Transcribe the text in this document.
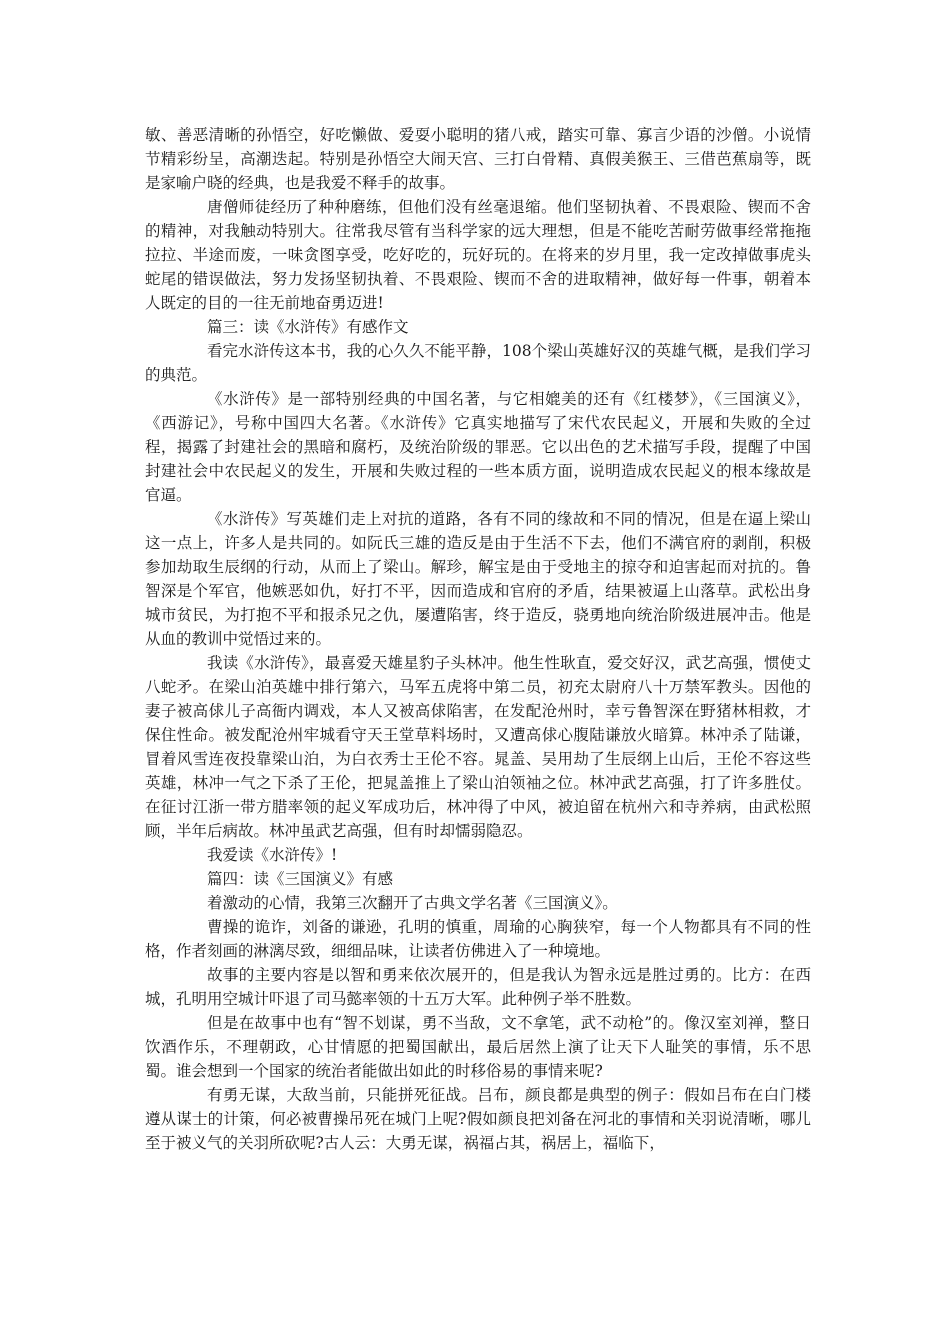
敏、善恶清晰的孙悟空，好吃懒做、爱耍小聪明的猪八戒，踏实可靠、寡言少语的沙僧。小说情节精彩纷呈，高潮迭起。特别是孙悟空大闹天宫、三打白骨精、真假美猴王、三借芭蕉扇等，既是家喻户晓的经典，也是我爱不释手的故事。

唐僧师徒经历了种种磨练，但他们没有丝毫退缩。他们坚韧执着、不畏艰险、锲而不舍的精神，对我触动特别大。往常我尽管有当科学家的远大理想，但是不能吃苦耐劳做事经常拖拖拉拉、半途而废，一味贪图享受，吃好吃的，玩好玩的。在将来的岁月里，我一定改掉做事虎头蛇尾的错误做法，努力发扬坚韧执着、不畏艰险、锲而不舍的进取精神，做好每一件事，朝着本人既定的目的一往无前地奋勇迈进!

篇三：读《水浒传》有感作文

看完水浒传这本书，我的心久久不能平静，108个梁山英雄好汉的英雄气概，是我们学习的典范。

《水浒传》是一部特别经典的中国名著，与它相媲美的还有《红楼梦》，《三国演义》，《西游记》，号称中国四大名著。《水浒传》它真实地描写了宋代农民起义，开展和失败的全过程，揭露了封建社会的黑暗和腐朽，及统治阶级的罪恶。它以出色的艺术描写手段，提醒了中国封建社会中农民起义的发生，开展和失败过程的一些本质方面，说明造成农民起义的根本缘故是官逼。

《水浒传》写英雄们走上对抗的道路，各有不同的缘故和不同的情况，但是在逼上梁山这一点上，许多人是共同的。如阮氏三雄的造反是由于生活不下去，他们不满官府的剥削，积极参加劫取生辰纲的行动，从而上了梁山。解珍，解宝是由于受地主的掠夺和迫害起而对抗的。鲁智深是个军官，他嫉恶如仇，好打不平，因而造成和官府的矛盾，结果被逼上山落草。武松出身城市贫民，为打抱不平和报杀兄之仇，屡遭陷害，终于造反，骁勇地向统治阶级进展冲击。他是从血的教训中觉悟过来的。

我读《水浒传》，最喜爱天雄星豹子头林冲。他生性耿直，爱交好汉，武艺高强，惯使丈八蛇矛。在梁山泊英雄中排行第六，马军五虎将中第二员，初充太尉府八十万禁军教头。因他的妻子被高俅儿子高衙内调戏，本人又被高俅陷害，在发配沧州时，幸亏鲁智深在野猪林相救，才保住性命。被发配沧州牢城看守天王堂草料场时，又遭高俅心腹陆谦放火暗算。林冲杀了陆谦，冒着风雪连夜投靠梁山泊，为白衣秀士王伦不容。晁盖、吴用劫了生辰纲上山后，王伦不容这些英雄，林冲一气之下杀了王伦，把晁盖推上了梁山泊领袖之位。林冲武艺高强，打了许多胜仗。在征讨江浙一带方腊率领的起义军成功后，林冲得了中风，被迫留在杭州六和寺养病，由武松照顾，半年后病故。林冲虽武艺高强，但有时却懦弱隐忍。

我爱读《水浒传》!

篇四：读《三国演义》有感

着激动的心情，我第三次翻开了古典文学名著《三国演义》。

曹操的诡诈，刘备的谦逊，孔明的慎重，周瑜的心胸狭窄，每一个人物都具有不同的性格，作者刻画的淋漓尽致，细细品味，让读者仿佛进入了一种境地。

故事的主要内容是以智和勇来依次展开的，但是我认为智永远是胜过勇的。比方：在西城，孔明用空城计吓退了司马懿率领的十五万大军。此种例子举不胜数。

但是在故事中也有“智不划谋，勇不当敌，文不拿笔，武不动枪”的。像汉室刘禅，整日饮酒作乐，不理朝政，心甘情愿的把蜀国献出，最后居然上演了让天下人耻笑的事情，乐不思蜀。谁会想到一个国家的统治者能做出如此的时移俗易的事情来呢?

有勇无谋，大敌当前，只能拼死征战。吕布，颜良都是典型的例子：假如吕布在白门楼遵从谋士的计策，何必被曹操吊死在城门上呢?假如颜良把刘备在河北的事情和关羽说清晰，哪儿至于被义气的关羽所砍呢?古人云：大勇无谋，祸福占其，祸居上，福临下，
